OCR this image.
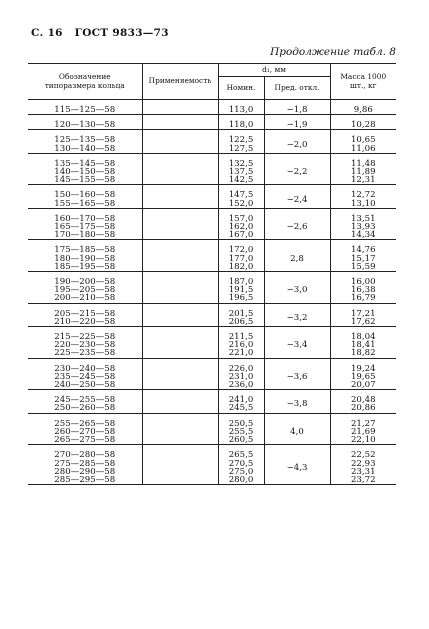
С. 16 ГОСТ 9833—73
Продолжение табл. 8
Обозначение типоразмера кольца	Применяемость	d₁, мм		Масса 1000 шт., кг
		Номин.	Пред. откл.	

115—125—58		113,0	−1,8	9,86

120—130—58		118,0	−1,9	10,28

125—135—58		122,5	−2,0	10,65
130—140—58		127,5		11,06

135—145—58		132,5	−2,2	11,48
140—150—58		137,5		11,89
145—155—58		142,5		12,31

150—160—58		147,5	−2,4	12,72
155—165—58		152,0		13,10

160—170—58		157,0	−2,6	13,51
165—175—58		162,0		13,93
170—180—58		167,0		14,34

175—185—58		172,0	2,8	14,76
180—190—58		177,0		15,17
185—195—58		182,0		15,59

190—200—58		187,0	−3,0	16,00
195—205—58		191,5		16,38
200—210—58		196,5		16,79

205—215—58		201,5	−3,2	17,21
210—220—58		206,5		17,62

215—225—58		211,5	−3,4	18,04
220—230—58		216,0		18,41
225—235—58		221,0		18,82

230—240—58		226,0	−3,6	19,24
235—245—58		231,0		19,65
240—250—58		236,0		20,07

245—255—58		241,0	−3,8	20,48
250—260—58		245,5		20,86

255—265—58		250,5	4,0	21,27
260—270—58		255,5		21,69
265—275—58		260,5		22,10

270—280—58		265,5	−4,3	22,52
275—285—58		270,5		22,93
280—290—58		275,0		23,31
285—295—58		280,0		23,72
